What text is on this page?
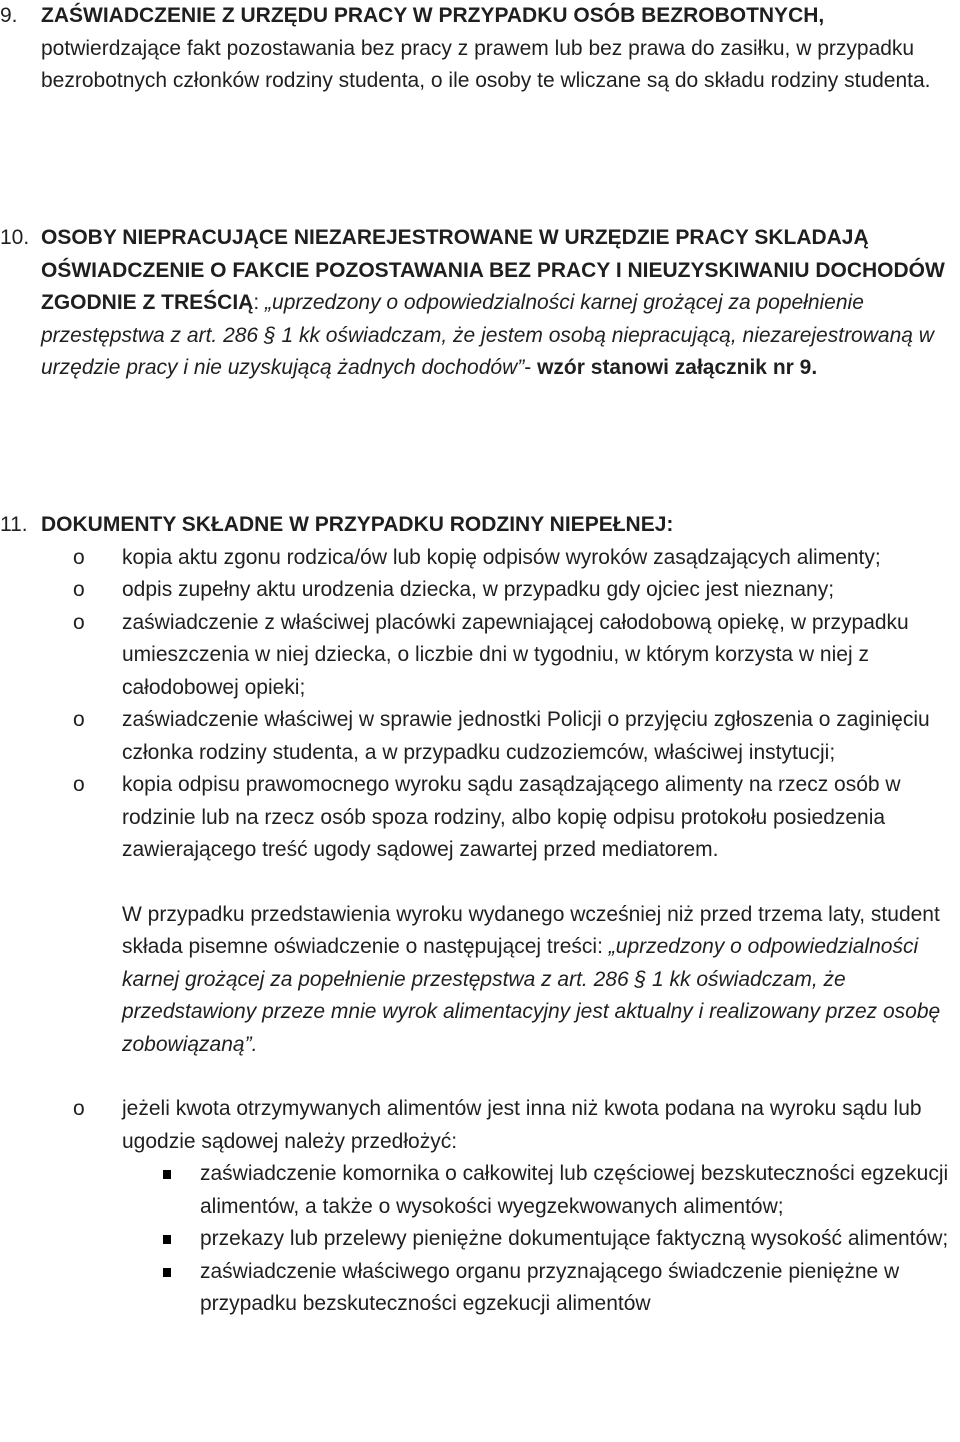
9. ZAŚWIADCZENIE Z URZĘDU PRACY W PRZYPADKU OSÓB BEZROBOTNYCH, potwierdzające fakt pozostawania bez pracy z prawem lub bez prawa do zasiłku, w przypadku bezrobotnych członków rodziny studenta, o ile osoby te wliczane są do składu rodziny studenta.
10. OSOBY NIEPRACUJĄCE NIEZAREJESTROWANE W URZĘDZIE PRACY SKLADAJĄ OŚWIADCZENIE O FAKCIE POZOSTAWANIA BEZ PRACY I NIEUZYSKIWANIU DOCHODÓW ZGODNIE Z TREŚCIĄ: „uprzedzony o odpowiedzialności karnej grożącej za popełnienie przestępstwa z art. 286 § 1 kk oświadczam, że jestem osobą niepracującą, niezarejestrowaną w urzędzie pracy i nie uzyskującą żadnych dochodów”- wzór stanowi załącznik nr 9.
11. DOKUMENTY SKŁADNE W PRZYPADKU RODZINY NIEPEŁNEJ:
o kopia aktu zgonu rodzica/ów lub kopię odpisów wyroków zasądzających alimenty;
o odpis zupełny aktu urodzenia dziecka, w przypadku gdy ojciec jest nieznany;
o zaświadczenie z właściwej placówki zapewniającej całodobową opiekę, w przypadku umieszczenia w niej dziecka, o liczbie dni w tygodniu, w którym korzysta w niej z całodobowej opieki;
o zaświadczenie właściwej w sprawie jednostki Policji o przyjęciu zgłoszenia o zaginięciu członka rodziny studenta, a w przypadku cudzoziemców, właściwej instytucji;
o kopia odpisu prawomocnego wyroku sądu zasądzającego alimenty na rzecz osób w rodzinie lub na rzecz osób spoza rodziny, albo kopię odpisu protokołu posiedzenia zawierającego treść ugody sądowej zawartej przed mediatorem.
W przypadku przedstawienia wyroku wydanego wcześniej niż przed trzema laty, student składa pisemne oświadczenie o następującej treści: „uprzedzony o odpowiedzialności karnej grożącej za popełnienie przestępstwa z art. 286 § 1 kk oświadczam, że przedstawiony przeze mnie wyrok alimentacyjny jest aktualny i realizowany przez osobę zobowiązaną”.
o jeżeli kwota otrzymywanych alimentów jest inna niż kwota podana na wyroku sądu lub ugodzie sądowej należy przedłożyć:
zaświadczenie komornika o całkowitej lub częściowej bezskuteczności egzekucji alimentów, a także o wysokości wyegzekwowanych alimentów;
przekazy lub przelewy pieniężne dokumentujące faktyczną wysokość alimentów;
zaświadczenie właściwego organu przyznającego świadczenie pieniężne w przypadku bezskuteczności egzekucji alimentów
